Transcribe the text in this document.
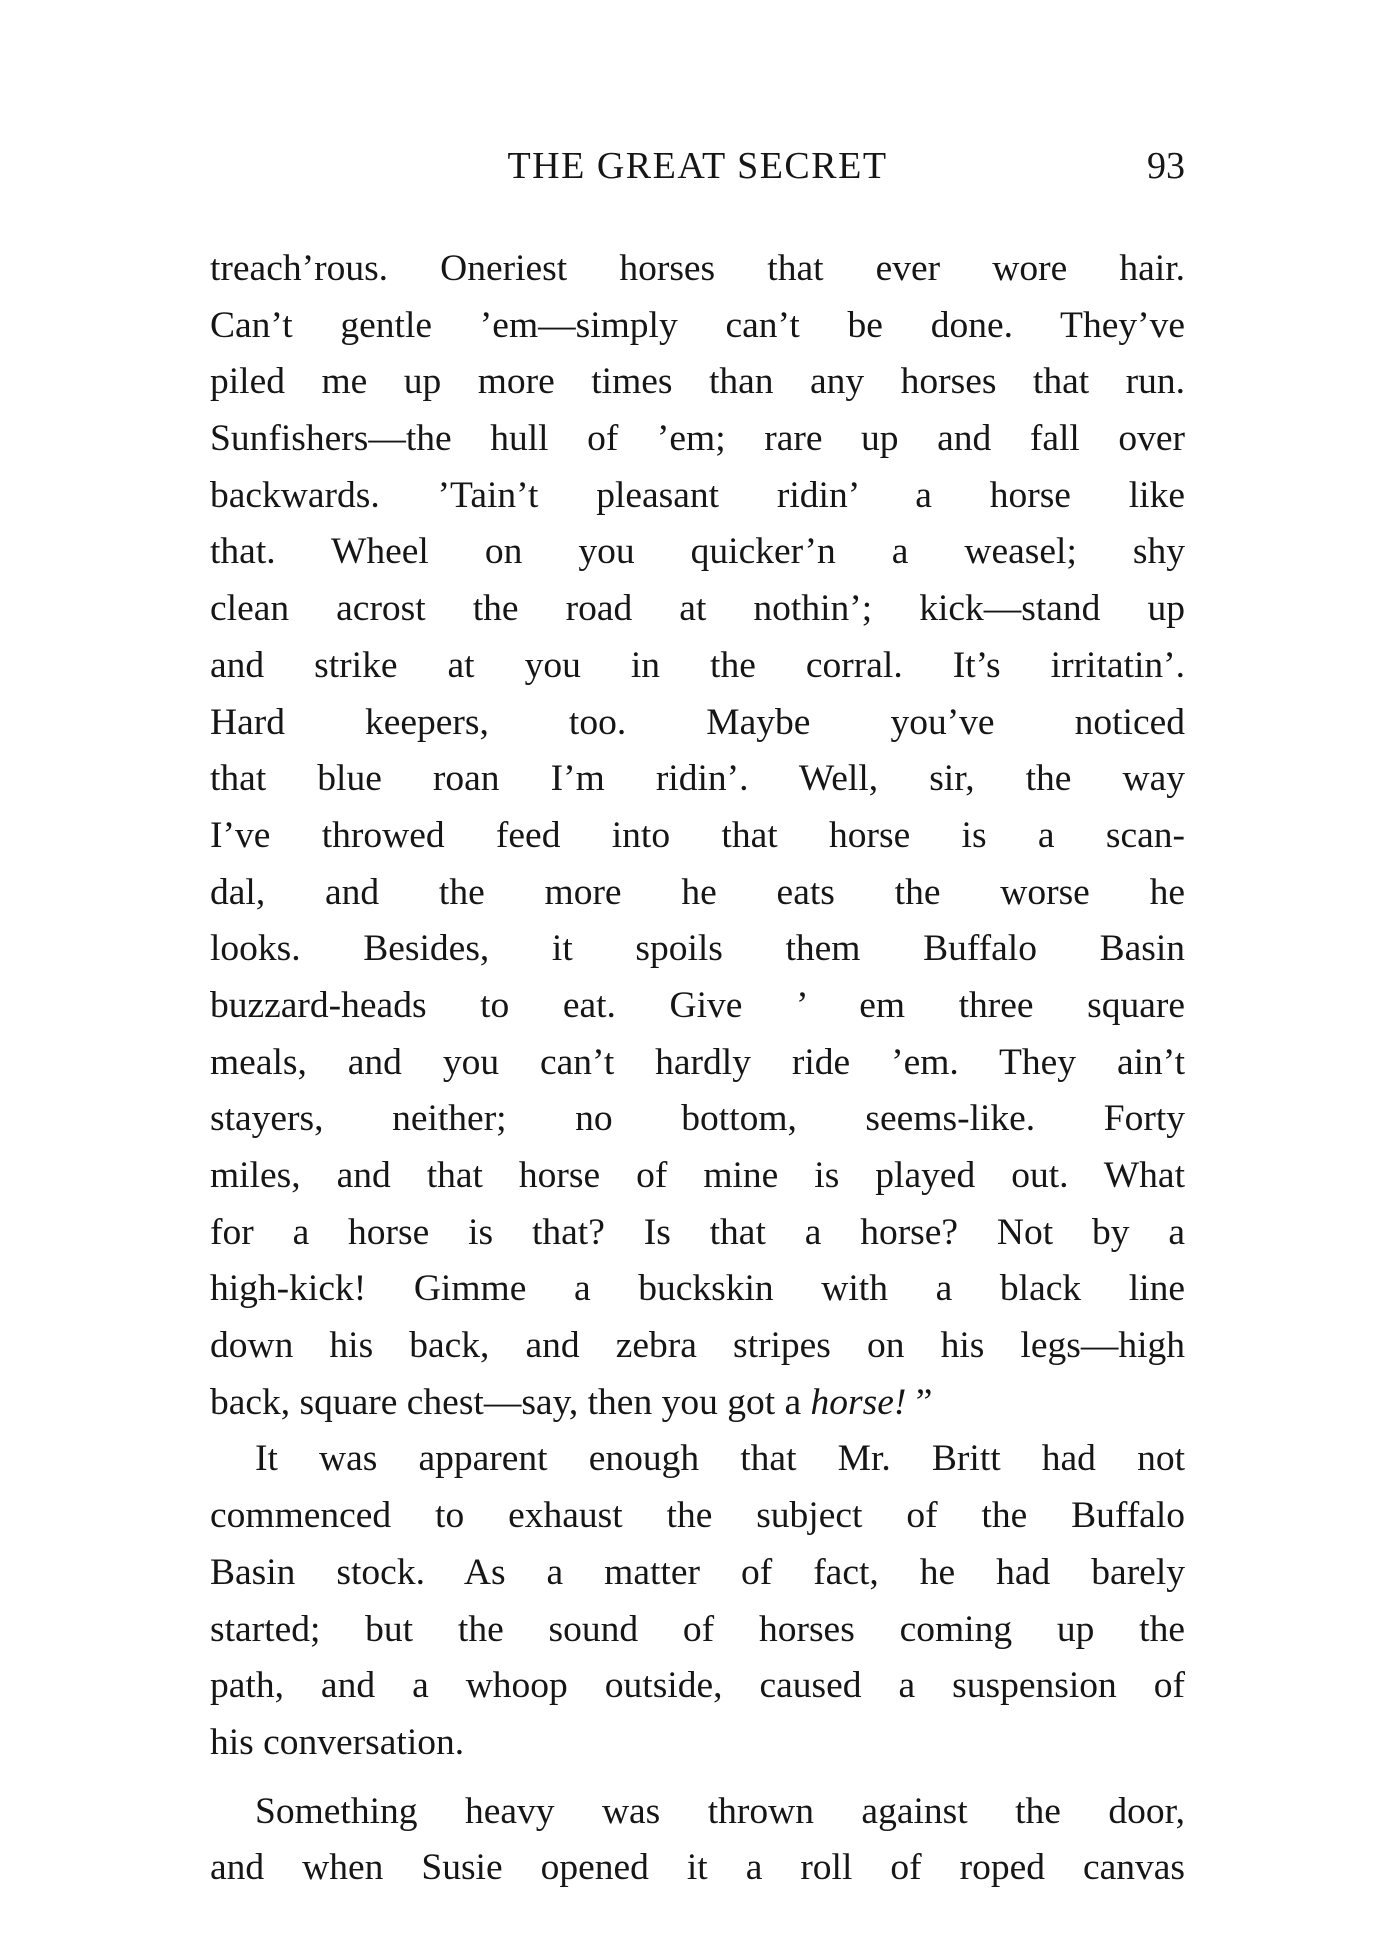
THE GREAT SECRET	93
treach’rous. Oneriest horses that ever wore hair.
Can’t gentle ’em—simply can’t be done. They’ve
piled me up more times than any horses that run.
Sunfishers—the hull of ’em; rare up and fall over
backwards. ’Tain’t pleasant ridin’ a horse like
that. Wheel on you quicker’n a weasel; shy
clean acrost the road at nothin’; kick—stand up
and strike at you in the corral. It’s irritatin’.
Hard keepers, too. Maybe you’ve noticed
that blue roan I’m ridin’. Well, sir, the way
I’ve throwed feed into that horse is a scan-
dal, and the more he eats the worse he
looks. Besides, it spoils them Buffalo Basin
buzzard-heads to eat. Give ’ em three square
meals, and you can’t hardly ride ’em. They ain’t
stayers, neither; no bottom, seems-like. Forty
miles, and that horse of mine is played out. What
for a horse is that? Is that a horse? Not by a
high-kick! Gimme a buckskin with a black line
down his back, and zebra stripes on his legs—high
back, square chest—say, then you got a horse! ”
It was apparent enough that Mr. Britt had not
commenced to exhaust the subject of the Buffalo
Basin stock. As a matter of fact, he had barely
started; but the sound of horses coming up the
path, and a whoop outside, caused a suspension of
his conversation.
Something heavy was thrown against the door,
and when Susie opened it a roll of roped canvas
